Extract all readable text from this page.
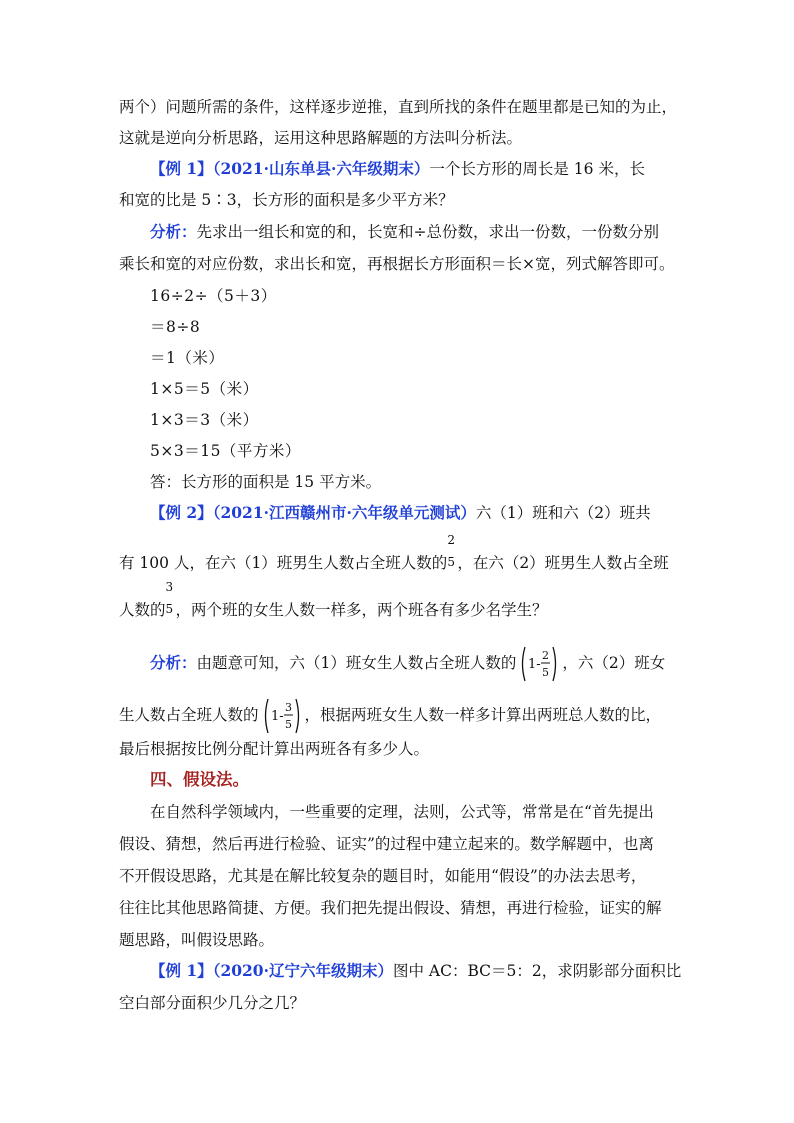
两个）问题所需的条件，这样逐步逆推，直到所找的条件在题里都是已知的为止，
这就是逆向分析思路，运用这种思路解题的方法叫分析法。
【例 1】（2021·山东单县·六年级期末）一个长方形的周长是 16 米，长
和宽的比是 5∶3，长方形的面积是多少平方米？
分析：先求出一组长和宽的和，长宽和÷总份数，求出一份数，一份数分别
乘长和宽的对应份数，求出长和宽，再根据长方形面积＝长×宽，列式解答即可。
16÷2÷（5＋3）
＝8÷8
＝1（米）
1×5＝5（米）
1×3＝3（米）
5×3＝15（平方米）
答：长方形的面积是 15 平方米。
【例 2】（2021·江西赣州市·六年级单元测试）六（1）班和六（2）班共
有 100 人，在六（1）班男生人数占全班人数的
2
5 ，在六（2）班男生人数占全班
人数的
3
5 ，两个班的女生人数一样多，两个班各有多少名学生？
分析：由题意可知，六（1）班女生人数占全班人数的 1-
2
5
，六（2）班女
生人数占全班人数的 1-
3
5
，根据两班女生人数一样多计算出两班总人数的比，
最后根据按比例分配计算出两班各有多少人。
四、假设法。
在自然科学领域内，一些重要的定理，法则，公式等，常常是在“首先提出
假设、猜想，然后再进行检验、证实”的过程中建立起来的。数学解题中，也离
不开假设思路，尤其是在解比较复杂的题目时，如能用“假设”的办法去思考，
往往比其他思路简捷、方便。我们把先提出假设、猜想，再进行检验，证实的解
题思路，叫假设思路。
【例 1】（2020·辽宁六年级期末）图中 AC：BC＝5：2，求阴影部分面积比
空白部分面积少几分之几？
